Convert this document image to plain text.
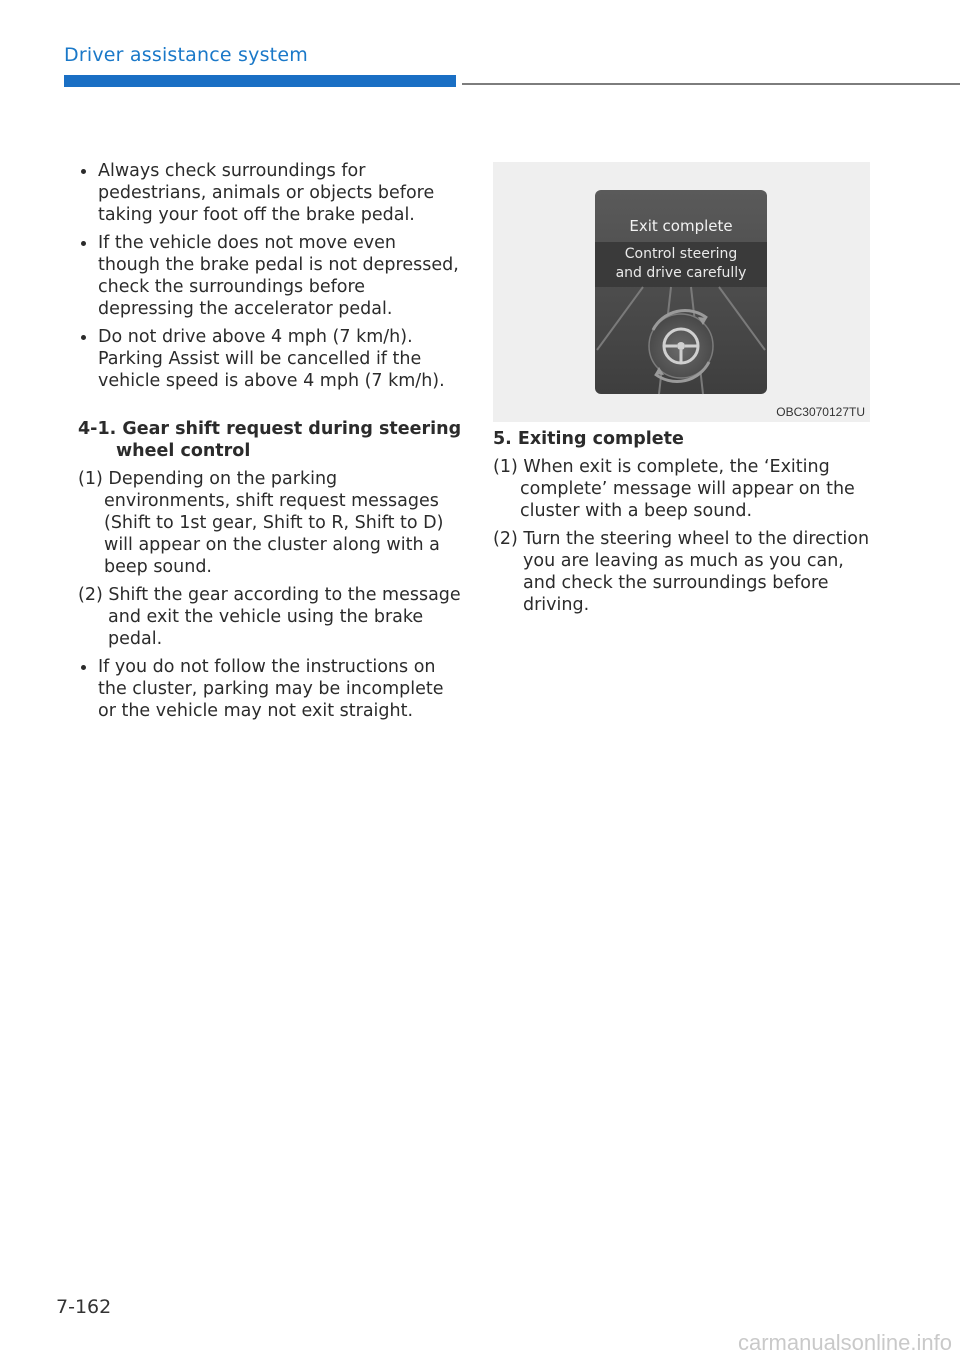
Driver assistance system

Always check surroundings for pedestrians, animals or objects before taking your foot off the brake pedal.

If the vehicle does not move even though the brake pedal is not depressed, check the surroundings before depressing the accelerator pedal.

Do not drive above 4 mph (7 km/h). Parking Assist will be cancelled if the vehicle speed is above 4 mph (7 km/h).

4-1. Gear shift request during steering wheel control

(1) Depending on the parking environments, shift request messages (Shift to 1st gear, Shift to R, Shift to D) will appear on the cluster along with a beep sound.

(2) Shift the gear according to the message and exit the vehicle using the brake pedal.

If you do not follow the instructions on the cluster, parking may be incomplete or the vehicle may not exit straight.

Exit complete
Control steering
and drive carefully
OBC3070127TU

5. Exiting complete

(1) When exit is complete, the ‘Exiting complete’ message will appear on the cluster with a beep sound.

(2) Turn the steering wheel to the direction you are leaving as much as you can, and check the surroundings before driving.

7-162
carmanualsonline.info
